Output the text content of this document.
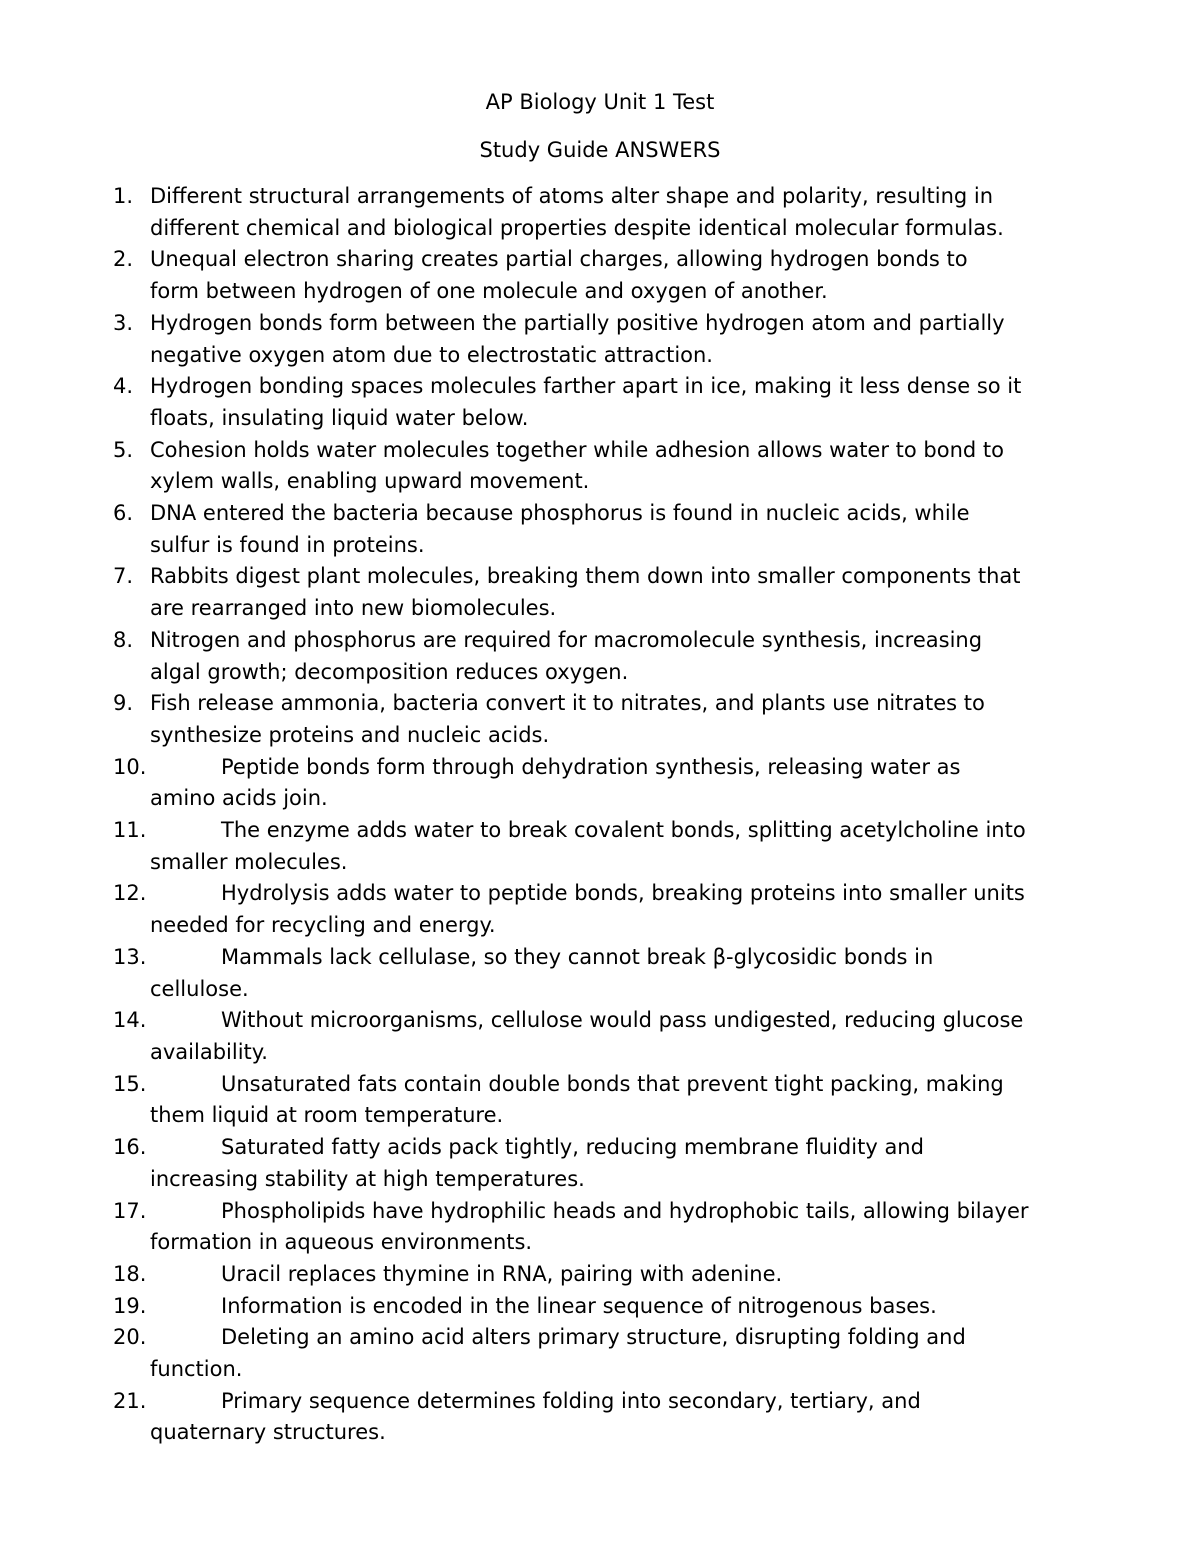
AP Biology Unit 1 Test
Study Guide ANSWERS
1. Different structural arrangements of atoms alter shape and polarity, resulting in
different chemical and biological properties despite identical molecular formulas.
2. Unequal electron sharing creates partial charges, allowing hydrogen bonds to
form between hydrogen of one molecule and oxygen of another.
3. Hydrogen bonds form between the partially positive hydrogen atom and partially
negative oxygen atom due to electrostatic attraction.
4. Hydrogen bonding spaces molecules farther apart in ice, making it less dense so it
floats, insulating liquid water below.
5. Cohesion holds water molecules together while adhesion allows water to bond to
xylem walls, enabling upward movement.
6. DNA entered the bacteria because phosphorus is found in nucleic acids, while
sulfur is found in proteins.
7. Rabbits digest plant molecules, breaking them down into smaller components that
are rearranged into new biomolecules.
8. Nitrogen and phosphorus are required for macromolecule synthesis, increasing
algal growth; decomposition reduces oxygen.
9. Fish release ammonia, bacteria convert it to nitrates, and plants use nitrates to
synthesize proteins and nucleic acids.
10.	Peptide bonds form through dehydration synthesis, releasing water as
amino acids join.
11.	The enzyme adds water to break covalent bonds, splitting acetylcholine into
smaller molecules.
12.	Hydrolysis adds water to peptide bonds, breaking proteins into smaller units
needed for recycling and energy.
13.	Mammals lack cellulase, so they cannot break β-glycosidic bonds in
cellulose.
14.	Without microorganisms, cellulose would pass undigested, reducing glucose
availability.
15.	Unsaturated fats contain double bonds that prevent tight packing, making
them liquid at room temperature.
16.	Saturated fatty acids pack tightly, reducing membrane fluidity and
increasing stability at high temperatures.
17.	Phospholipids have hydrophilic heads and hydrophobic tails, allowing bilayer
formation in aqueous environments.
18.	Uracil replaces thymine in RNA, pairing with adenine.
19.	Information is encoded in the linear sequence of nitrogenous bases.
20.	Deleting an amino acid alters primary structure, disrupting folding and
function.
21.	Primary sequence determines folding into secondary, tertiary, and
quaternary structures.
